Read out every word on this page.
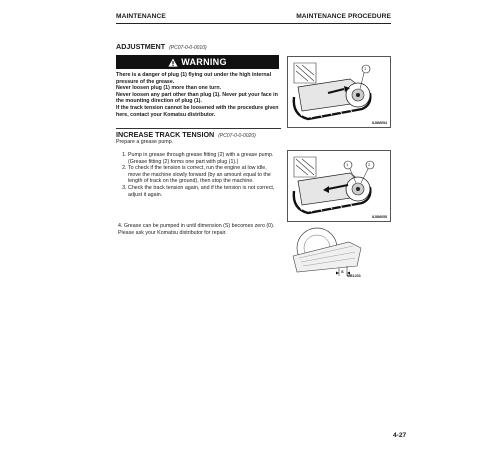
MAINTENANCE	MAINTENANCE PROCEDURE
ADJUSTMENT (PC07-0-0-0010)
WARNING

There is a danger of plug (1) flying out under the high internal pressure of the grease.

Never loosen plug (1) more than one turn.

Never loosen any part other than plug (1). Never put your face in the mounting direction of plug (1).

If the track tension cannot be loosened with the procedure given here, contact your Komatsu distributor.

1
8J8M054
INCREASE TRACK TENSION (PC07-0-0-0020)
Prepare a grease pump.
1. Pump in grease through grease fitting (2) with a grease pump. (Grease fitting (2) forms one part with plug (1).)
2. To check if the tension is correct, run the engine at low idle, move the machine slowly forward (by an amount equal to the length of track on the ground), then stop the machine.
3. Check the track tension again, and if the tension is not correct, adjust it again.
1	2
8J8M055
4. Grease can be pumped in until dimension (S) becomes zero (0). Please ask your Komatsu distributor for repair.
S
MB1203
4-27
